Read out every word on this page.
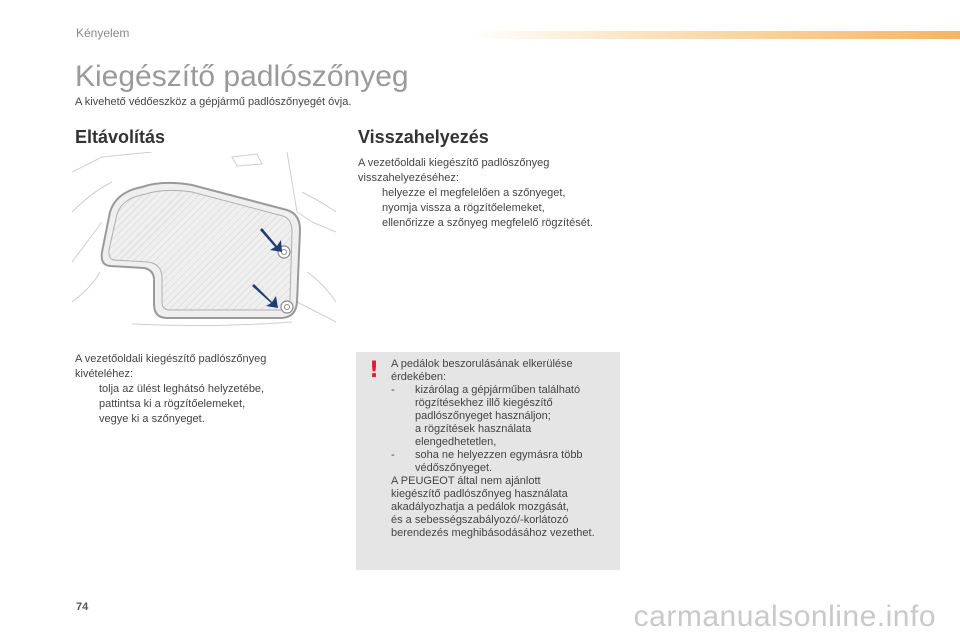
Kényelem
Kiegészítő padlószőnyeg
A kivehető védőeszköz a gépjármű padlószőnyegét óvja.
Eltávolítás	Visszahelyezés
A vezetőoldali kiegészítő padlószőnyeg
visszahelyezéséhez:
helyezze el megfelelően a szőnyeget,
nyomja vissza a rögzítőelemeket,
ellenőrizze a szőnyeg megfelelő rögzítését.
A vezetőoldali kiegészítő padlószőnyeg
kivételéhez:
tolja az ülést leghátsó helyzetébe,
pattintsa ki a rögzítőelemeket,
vegye ki a szőnyeget.
! A pedálok beszorulásának elkerülése
érdekében:
- kizárólag a gépjárműben található
rögzítésekhez illő kiegészítő
padlószőnyeget használjon;
a rögzítések használata
elengedhetetlen,
- soha ne helyezzen egymásra több
védőszőnyeget.
A PEUGEOT által nem ajánlott
kiegészítő padlószőnyeg használata
akadályozhatja a pedálok mozgását,
és a sebességszabályozó/-korlátozó
berendezés meghibásodásához vezethet.
74	carmanualsonline.info
